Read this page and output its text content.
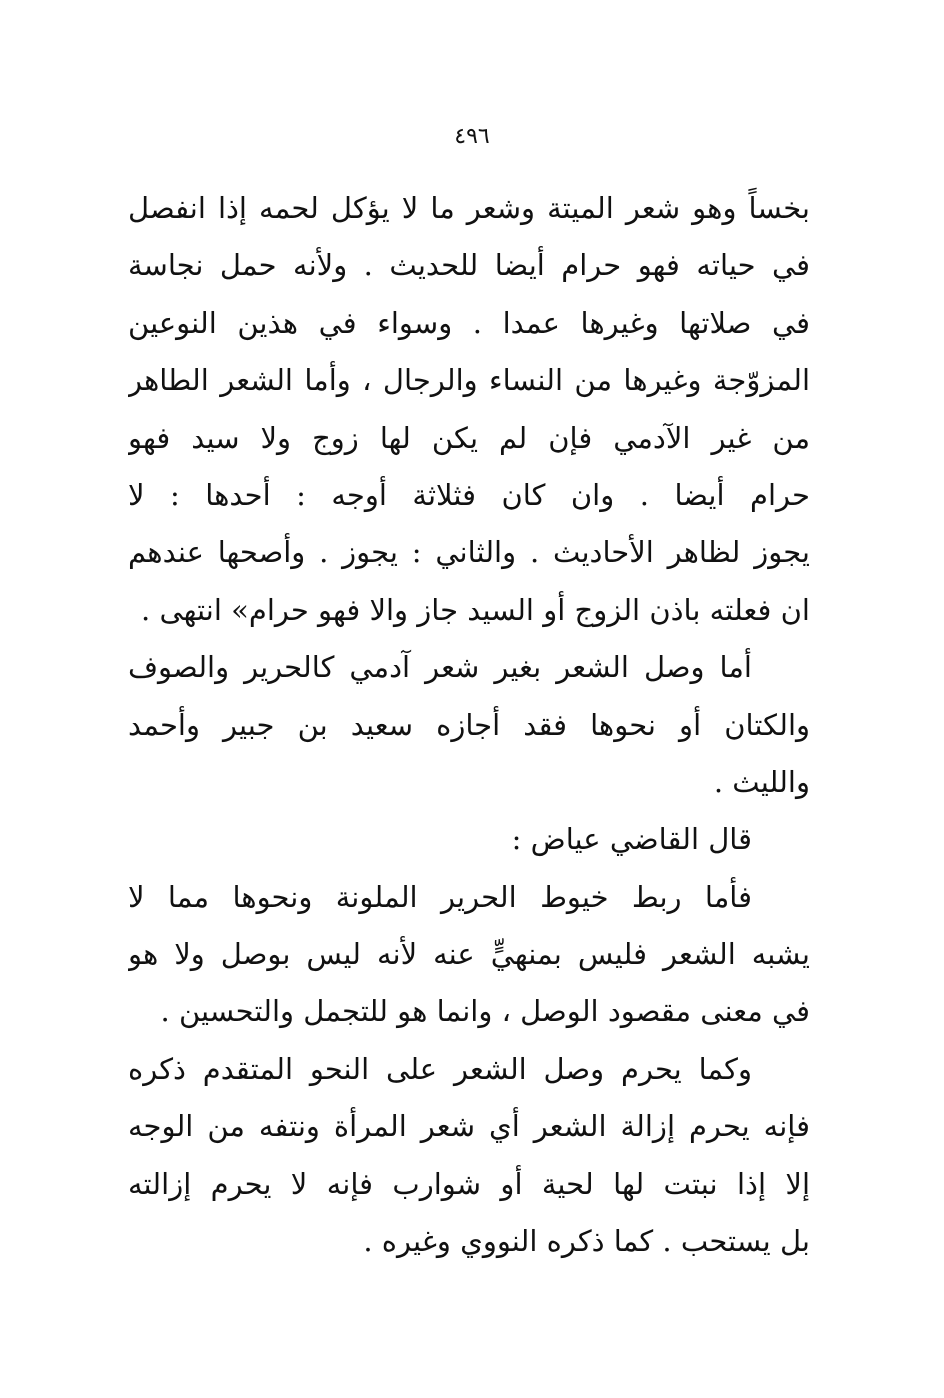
٤٩٦
بخساً وهو شعر الميتة وشعر ما لا يؤكل لحمه إذا انفصل
في حياته فهو حرام أيضا للحديث . ولأنه حمل نجاسة
في صلاتها وغيرها عمدا . وسواء في هذين النوعين
المزوّجة وغيرها من النساء والرجال ، وأما الشعر الطاهر
من غير الآدمي فإن لم يكن لها زوج ولا سيد فهو
حرام أيضا . وان كان فثلاثة أوجه : أحدها : لا
يجوز لظاهر الأحاديث . والثاني : يجوز . وأصحها عندهم
ان فعلته باذن الزوج أو السيد جاز والا فهو حرام» انتهى .
أما وصل الشعر بغير شعر آدمي كالحرير والصوف
والكتان أو نحوها فقد أجازه سعيد بن جبير وأحمد
والليث .
قال القاضي عياض :
فأما ربط خيوط الحرير الملونة ونحوها مما لا
يشبه الشعر فليس بمنهيٍّ عنه لأنه ليس بوصل ولا هو
في معنى مقصود الوصل ، وانما هو للتجمل والتحسين .
وكما يحرم وصل الشعر على النحو المتقدم ذكره
فإنه يحرم إزالة الشعر أي شعر المرأة ونتفه من الوجه
إلا إذا نبتت لها لحية أو شوارب فإنه لا يحرم إزالته
بل يستحب . كما ذكره النووي وغيره .
